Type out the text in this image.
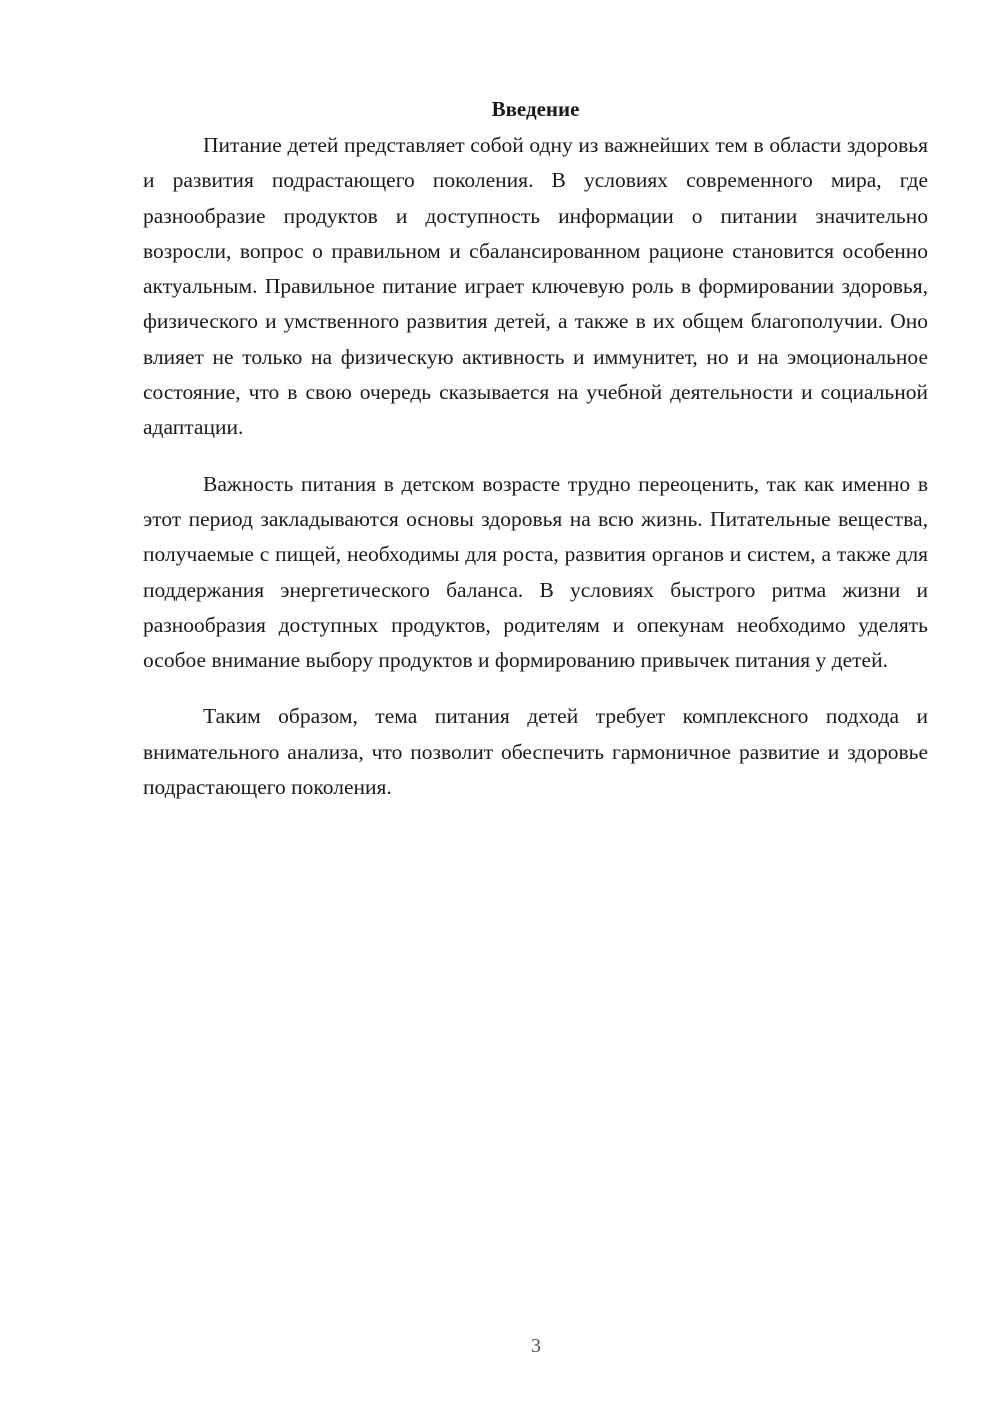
Введение

Питание детей представляет собой одну из важнейших тем в области здоровья и развития подрастающего поколения. В условиях современного мира, где разнообразие продуктов и доступность информации о питании значительно возросли, вопрос о правильном и сбалансированном рационе становится особенно актуальным. Правильное питание играет ключевую роль в формировании здоровья, физического и умственного развития детей, а также в их общем благополучии. Оно влияет не только на физическую активность и иммунитет, но и на эмоциональное состояние, что в свою очередь сказывается на учебной деятельности и социальной адаптации.

Важность питания в детском возрасте трудно переоценить, так как именно в этот период закладываются основы здоровья на всю жизнь. Питательные вещества, получаемые с пищей, необходимы для роста, развития органов и систем, а также для поддержания энергетического баланса. В условиях быстрого ритма жизни и разнообразия доступных продуктов, родителям и опекунам необходимо уделять особое внимание выбору продуктов и формированию привычек питания у детей.

Таким образом, тема питания детей требует комплексного подхода и внимательного анализа, что позволит обеспечить гармоничное развитие и здоровье подрастающего поколения.

3
